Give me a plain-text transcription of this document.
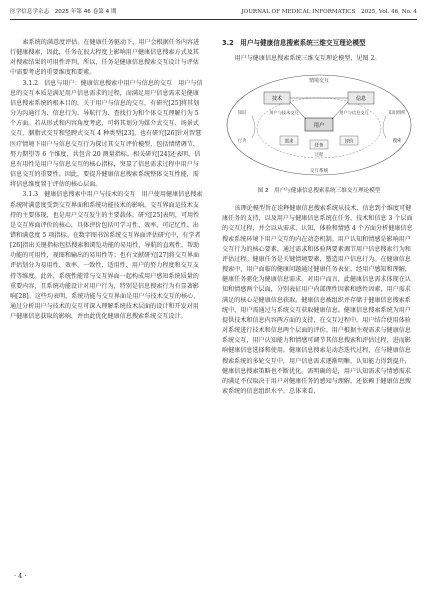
医学信息学杂志　2025 年第 46 卷第 4 期	JOURNAL OF MEDICAL INFORMATICS　2025, Vol. 46, No. 4

索系统的满意度评估。在健康任务驱动下，用户会根据任务内容进行健康搜索，因此，任务在很大程度上影响用户健康信息搜索方式及其对搜索结果的可用性评判。所以，任务是健康信息搜索交互设计与评估中需要考虑的重要维度和要素。

3.1.2　信息与用户：健康信息搜索中用户与信息的交互　用户与信息的交互本质是满足用户信息需求的过程，而满足用户信息需求是健康信息搜索系统的根本目的。关于用户与信息的交互，有研究[25]将其划分为沟通行为、信息行为、导航行为、查找行为和个体交互理解行为 5 个方面。若从形式和内容角度考虑，可将其划分为媒介式交互、场景式交互、胭脂式交互和竖聘式交互 4 种类型[23]。也有研究[26]针对智慧医疗情境下用户与信息交互行为探讨其交互评价模型，包括情绪调节、努力期望等 6 个维度，共包含 20 测量指标。相关研究[24]还表明，信息有用性是用户与信息交互的核心指标，突显了信息需求过程中用户与信息交互的重要性。因此，要提升健康信息搜索系统整体交互性能，需将信息维度置于评估的核心层面。

3.1.3　健康信息搜索中用户与技术的交互　用户使用健康信息搜索系统时满意度受到交互界面和系统功能技术的影响。交互界面是技术支持的主要体现，也是用户交互发生的主要载体。研究[25]表明，可用性是交互界面评价的核心，具体评价包括可学习性、效率、可记忆性、出错和满意度 5 项指标。在数字图书馆系统交互界面评估研究中，有学者[26]指出关键指标包括搜索和浏览功能的易用性，导航的直观性，帮助功能的可用性，视图和输出的易用性等；也有文献研究[27]将交互界面评估划分为易用性、效率、一致性、适用性、用户的努力程度和交互支持等维度。此外，系统性能常与交互界面一起构成用户感知系统质量的重要内容，且系统功能设计对用户行为，特别是信息搜索行为有显著影响[28]。这些均表明，系统功能与交互界面是用户与技术交互的核心，通过分析用户与技术的交互可深入理解系统技术层面的设计和开发对用户健康信息获取的影响，并由此优化健康信息搜索系统交互设计。

3.2　用户与健康信息搜索系统三维交互理论模型

用户与健康信息搜索系统三维交互理论模型，见图 2。

情境交互
技术	信息
用户
用户与技术交互	用户与信息交互
需求
任务
评价
过程
知识
行为
知识组织
搜索
交互系统
图 2　用户与健康信息搜索系统三维交互理论模型

该理论模型旨在诠释健康信息搜索系统从技术、信息到个维度可健康任务的支持，以及用户与健康信息系统在任务、技术和信息 3 个层面的交互过程，并会以从需求、认知、体验和情感 4 个方面分析健康信息搜索系统环境下用户交互的内在动态机制。用户认知和情感是影响用户交互行为的核心要素，通过需求和体验两要素调节用户信息搜索行为和评估过程。健康任务是关键情境要素，塑造用户信息行为。在健康信息搜索中，用户面临的健康问题通过健康任务表征，经用户感知和理解，健康任务驱化为健康信息需求。对用户而言，此健康信息需求体现在认知和情感两个层面，分别表征用户内部理性因素和感性因素，用户需求满足的核心是健康信息获取。健康信息被组织并存储于健康信息搜索系统中，用户需通过与系统交互获取健康信息。健康信息搜索系统为用户提供技术和信息内容两方面的支持，在交互过程中，用户结合使用体验对系统进行技术和信息两个层面的评价。用户根据主观需求与健康信息系统交互，用户认知能力和情感可调节其信息搜索和评估过程，进而影响健康信息选择和使用。健康信息搜索是动态迭代过程，在与健康信息搜索系统的多轮交互中，用户信息需求逐渐明晰，认知能力得到提升，健康信息搜索策略也不断优化。需明确的是，用户认知需求与情感需求的满足不仅取决于用户对健康任务的感知与理解，还依赖于健康信息搜索系统的信息组织水平。总体来看，

· 4 ·
